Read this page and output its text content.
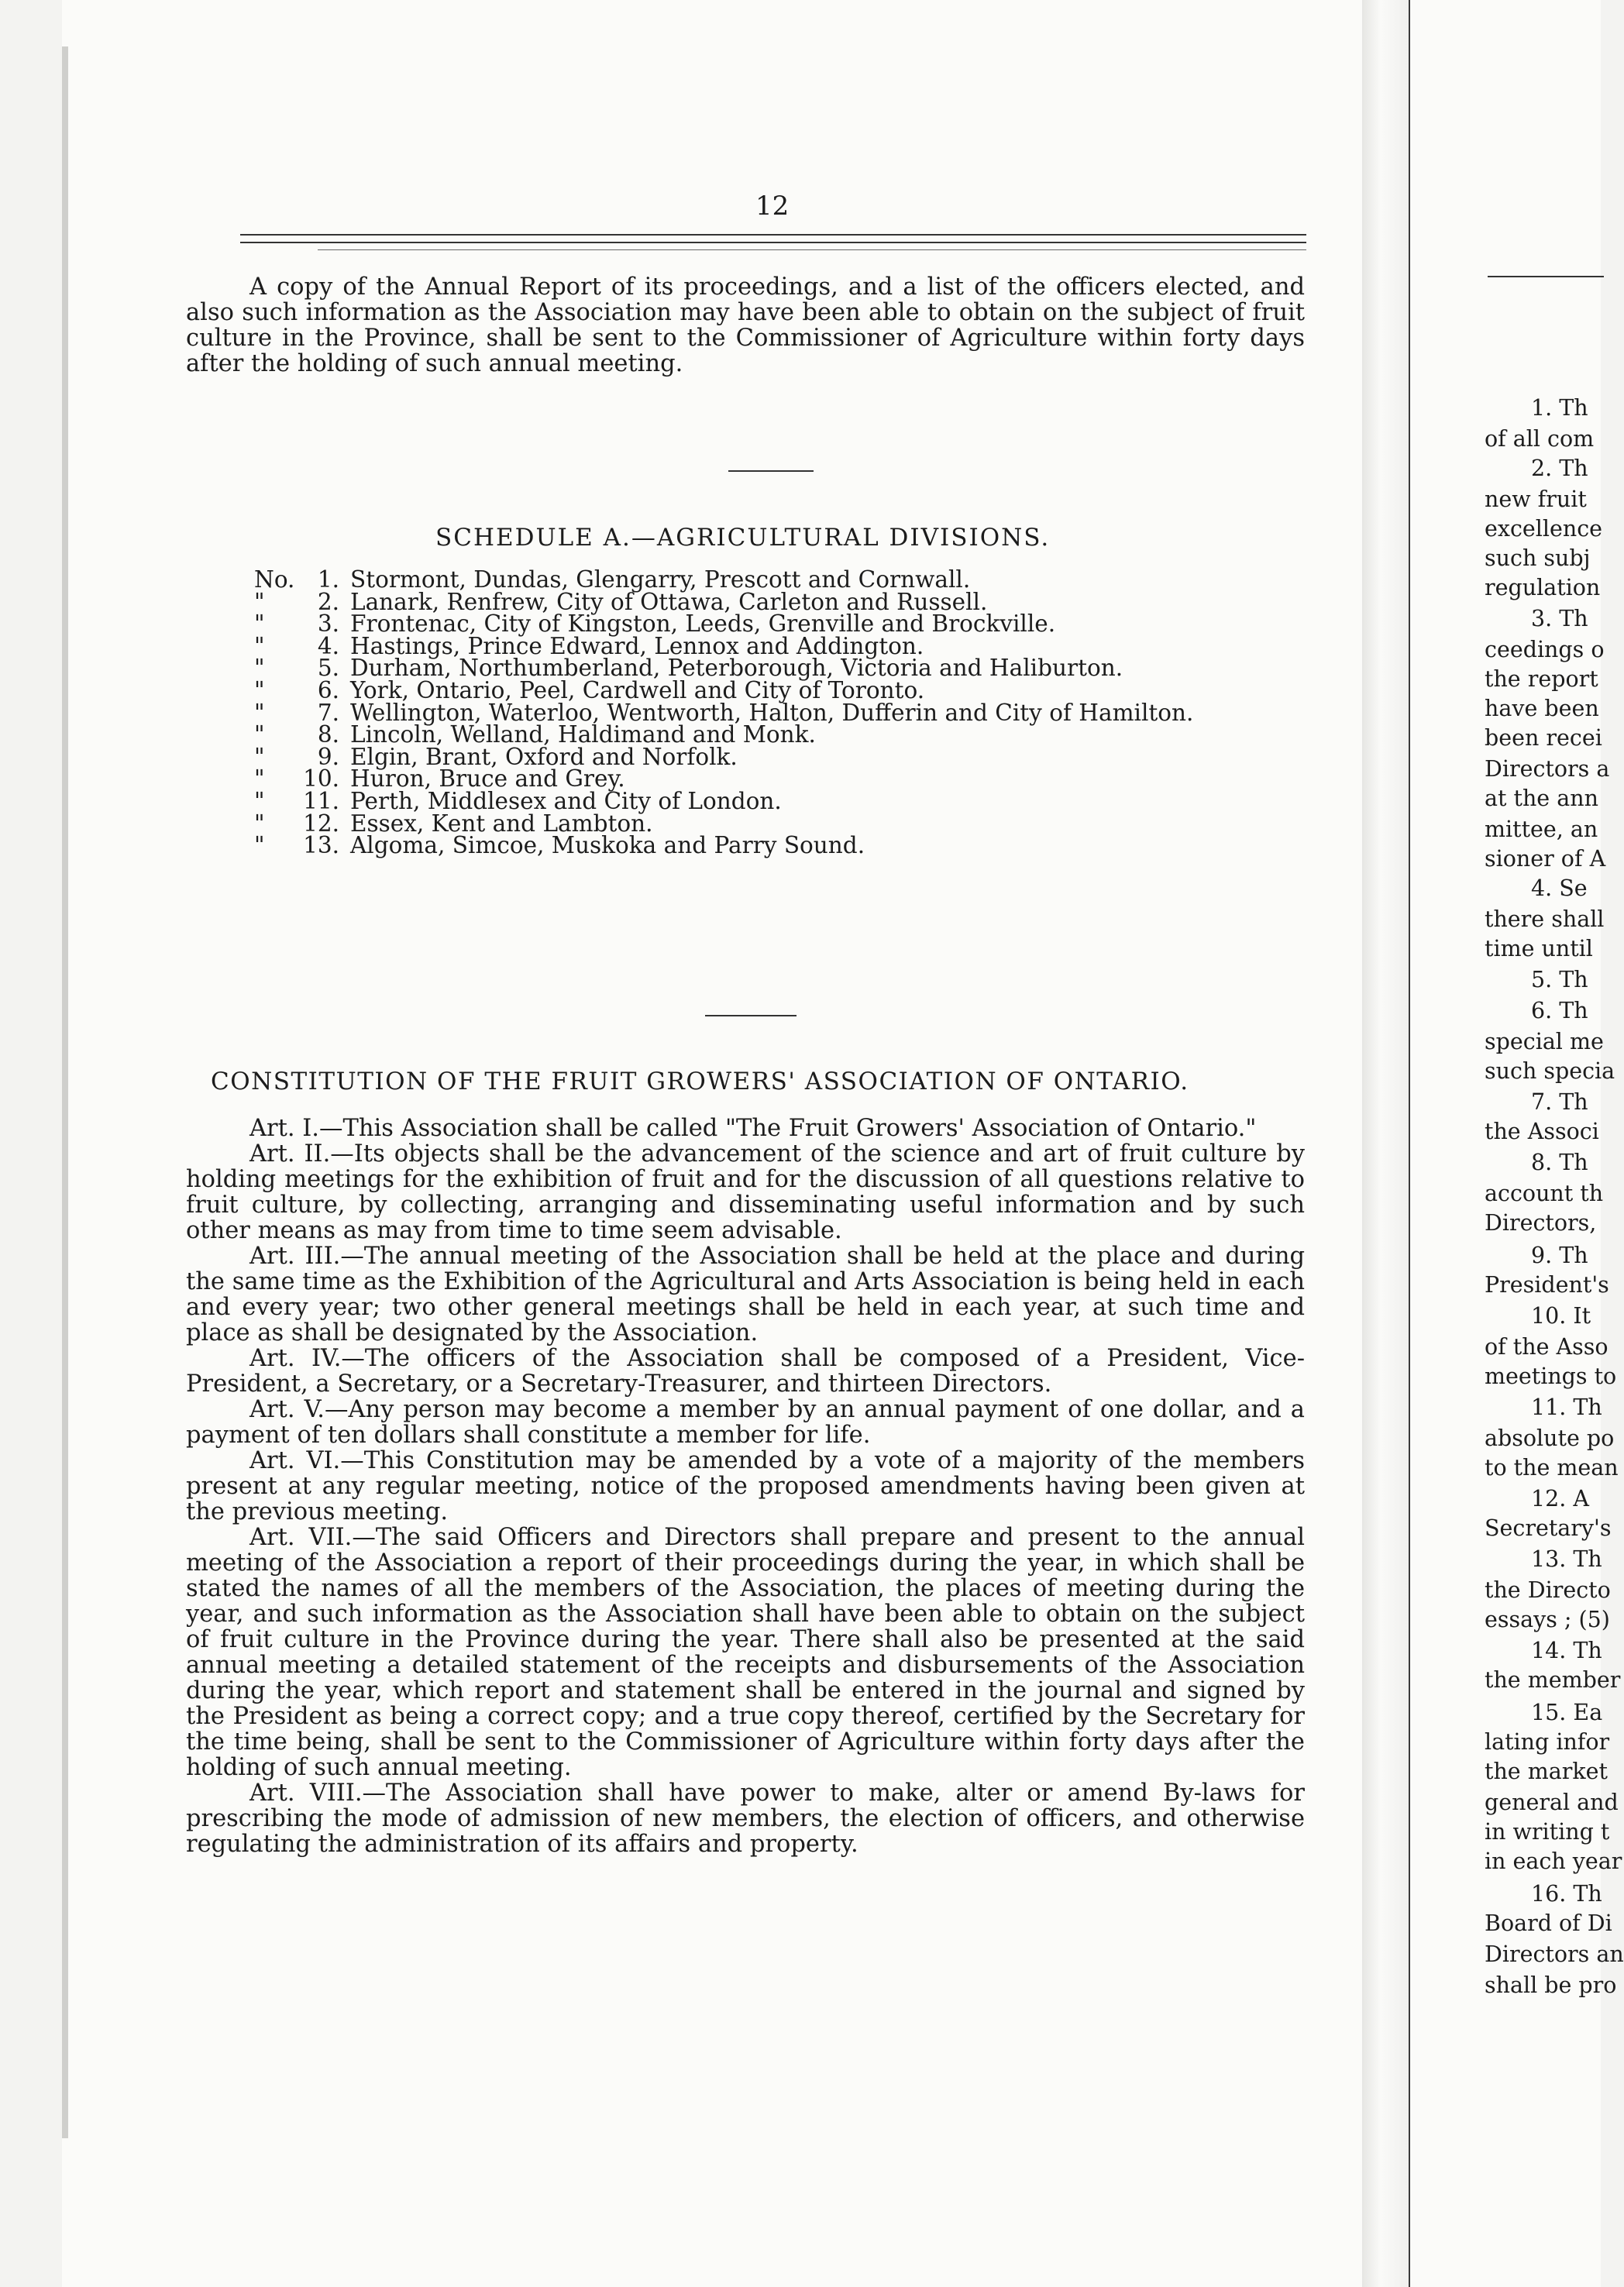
12

A copy of the Annual Report of its proceedings, and a list of the officers elected, and also such information as the Association may have been able to obtain on the subject of fruit culture in the Province, shall be sent to the Commissioner of Agriculture within forty days after the holding of such annual meeting.

SCHEDULE A.—AGRICULTURAL DIVISIONS.
No. 1. Stormont, Dundas, Glengarry, Prescott and Cornwall.
" 2. Lanark, Renfrew, City of Ottawa, Carleton and Russell.
" 3. Frontenac, City of Kingston, Leeds, Grenville and Brockville.
" 4. Hastings, Prince Edward, Lennox and Addington.
" 5. Durham, Northumberland, Peterborough, Victoria and Haliburton.
" 6. York, Ontario, Peel, Cardwell and City of Toronto.
" 7. Wellington, Waterloo, Wentworth, Halton, Dufferin and City of Hamilton.
" 8. Lincoln, Welland, Haldimand and Monk.
" 9. Elgin, Brant, Oxford and Norfolk.
" 10. Huron, Bruce and Grey.
" 11. Perth, Middlesex and City of London.
" 12. Essex, Kent and Lambton.
" 13. Algoma, Simcoe, Muskoka and Parry Sound.
CONSTITUTION OF THE FRUIT GROWERS' ASSOCIATION OF ONTARIO.

Art. I.—This Association shall be called "The Fruit Growers' Association of Ontario."

Art. II.—Its objects shall be the advancement of the science and art of fruit culture by holding meetings for the exhibition of fruit and for the discussion of all questions relative to fruit culture, by collecting, arranging and disseminating useful information and by such other means as may from time to time seem advisable.

Art. III.—The annual meeting of the Association shall be held at the place and during the same time as the Exhibition of the Agricultural and Arts Association is being held in each and every year; two other general meetings shall be held in each year, at such time and place as shall be designated by the Association.

Art. IV.—The officers of the Association shall be composed of a President, Vice-President, a Secretary, or a Secretary-Treasurer, and thirteen Directors.

Art. V.—Any person may become a member by an annual payment of one dollar, and a payment of ten dollars shall constitute a member for life.

Art. VI.—This Constitution may be amended by a vote of a majority of the members present at any regular meeting, notice of the proposed amendments having been given at the previous meeting.

Art. VII.—The said Officers and Directors shall prepare and present to the annual meeting of the Association a report of their proceedings during the year, in which shall be stated the names of all the members of the Association, the places of meeting during the year, and such information as the Association shall have been able to obtain on the subject of fruit culture in the Province during the year. There shall also be presented at the said annual meeting a detailed statement of the receipts and disbursements of the Association during the year, which report and statement shall be entered in the journal and signed by the President as being a correct copy; and a true copy thereof, certified by the Secretary for the time being, shall be sent to the Commissioner of Agriculture within forty days after the holding of such annual meeting.

Art. VIII.—The Association shall have power to make, alter or amend By-laws for prescribing the mode of admission of new members, the election of officers, and otherwise regulating the administration of its affairs and property.

1. Th
of all com
2. Th
new fruit
excellence
such subj
regulation
3. Th
ceedings o
the report
have been
been recei
Directors a
at the ann
mittee, an
sioner of A
4. Se
there shall
time until
5. Th
6. Th
special me
such specia
7. Th
the Associ
8. Th
account th
Directors,
9. Th
President's
10. It
of the Asso
meetings to
11. Th
absolute po
to the mean
12. A
Secretary's
13. Th
the Directo
essays ; (5)
14. Th
the member
15. Ea
lating infor
the market
general and
in writing t
in each year
16. Th
Board of Di
Directors an
shall be pro
